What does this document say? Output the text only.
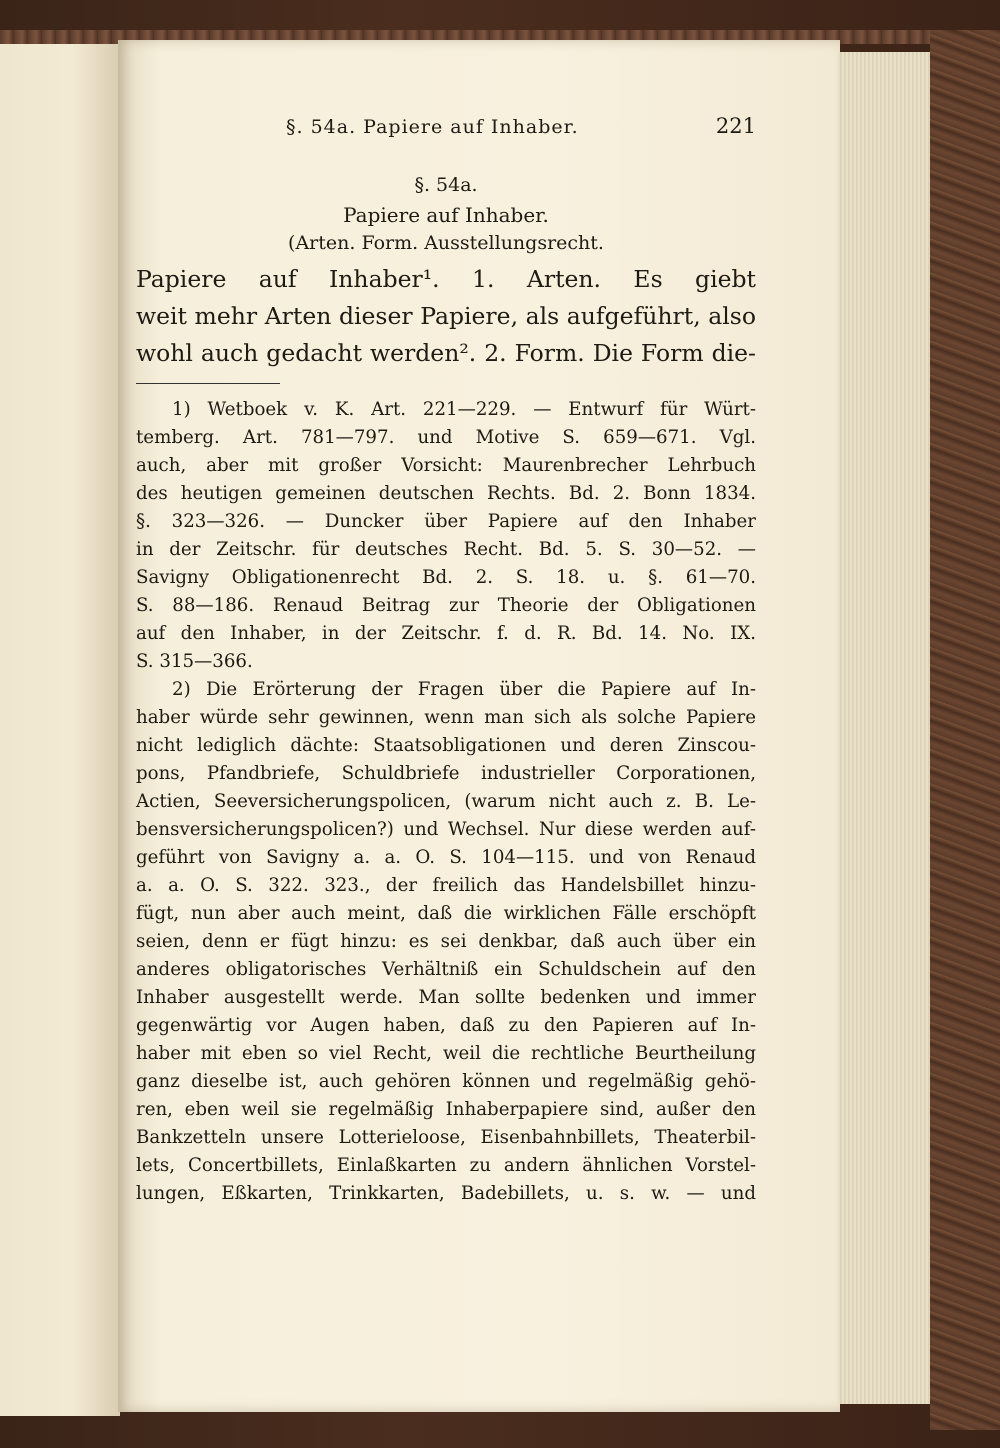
§. 54a. Papiere auf Inhaber.	221
§. 54a.
Papiere auf Inhaber.
(Arten. Form. Ausstellungsrecht.
Papiere auf Inhaber¹. 1. Arten. Es giebt
weit mehr Arten dieser Papiere, als aufgeführt, also
wohl auch gedacht werden². 2. Form. Die Form die-
1) Wetboek v. K. Art. 221—229. — Entwurf für Würt-
temberg. Art. 781—797. und Motive S. 659—671. Vgl.
auch, aber mit großer Vorsicht: Maurenbrecher Lehrbuch
des heutigen gemeinen deutschen Rechts. Bd. 2. Bonn 1834.
§. 323—326. — Duncker über Papiere auf den Inhaber
in der Zeitschr. für deutsches Recht. Bd. 5. S. 30—52. —
Savigny Obligationenrecht Bd. 2. S. 18. u. §. 61—70.
S. 88—186. Renaud Beitrag zur Theorie der Obligationen
auf den Inhaber, in der Zeitschr. f. d. R. Bd. 14. No. IX.
S. 315—366.
2) Die Erörterung der Fragen über die Papiere auf In-
haber würde sehr gewinnen, wenn man sich als solche Papiere
nicht lediglich dächte: Staatsobligationen und deren Zinscou-
pons, Pfandbriefe, Schuldbriefe industrieller Corporationen,
Actien, Seeversicherungspolicen, (warum nicht auch z. B. Le-
bensversicherungspolicen?) und Wechsel. Nur diese werden auf-
geführt von Savigny a. a. O. S. 104—115. und von Renaud
a. a. O. S. 322. 323., der freilich das Handelsbillet hinzu-
fügt, nun aber auch meint, daß die wirklichen Fälle erschöpft
seien, denn er fügt hinzu: es sei denkbar, daß auch über ein
anderes obligatorisches Verhältniß ein Schuldschein auf den
Inhaber ausgestellt werde. Man sollte bedenken und immer
gegenwärtig vor Augen haben, daß zu den Papieren auf In-
haber mit eben so viel Recht, weil die rechtliche Beurtheilung
ganz dieselbe ist, auch gehören können und regelmäßig gehö-
ren, eben weil sie regelmäßig Inhaberpapiere sind, außer den
Bankzetteln unsere Lotterieloose, Eisenbahnbillets, Theaterbil-
lets, Concertbillets, Einlaßkarten zu andern ähnlichen Vorstel-
lungen, Eßkarten, Trinkkarten, Badebillets, u. s. w. — und
